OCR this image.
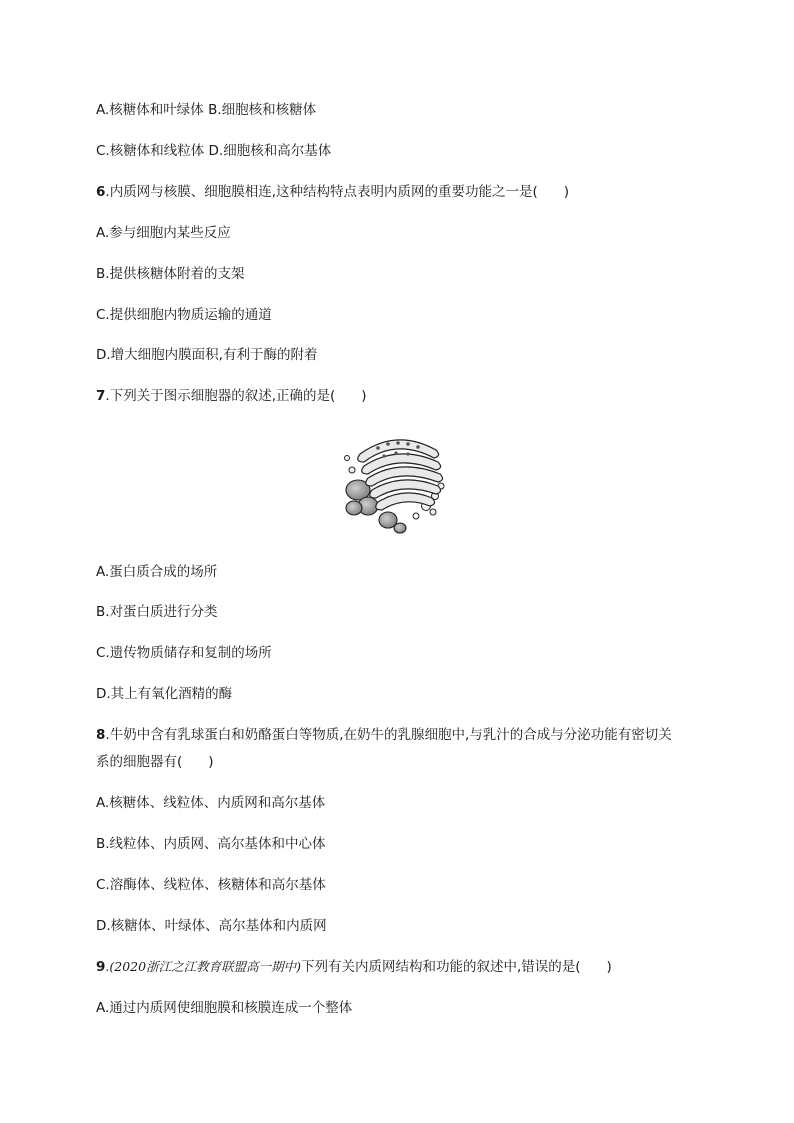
A.核糖体和叶绿体 B.细胞核和核糖体
C.核糖体和线粒体 D.细胞核和高尔基体
6.内质网与核膜、细胞膜相连,这种结构特点表明内质网的重要功能之一是( )
A.参与细胞内某些反应
B.提供核糖体附着的支架
C.提供细胞内物质运输的通道
D.增大细胞内膜面积,有利于酶的附着
7.下列关于图示细胞器的叙述,正确的是( )
A.蛋白质合成的场所
B.对蛋白质进行分类
C.遗传物质储存和复制的场所
D.其上有氧化酒精的酶
8.牛奶中含有乳球蛋白和奶酪蛋白等物质,在奶牛的乳腺细胞中,与乳汁的合成与分泌功能有密切关
系的细胞器有( )
A.核糖体、线粒体、内质网和高尔基体
B.线粒体、内质网、高尔基体和中心体
C.溶酶体、线粒体、核糖体和高尔基体
D.核糖体、叶绿体、高尔基体和内质网
9.(2020浙江之江教育联盟高一期中)下列有关内质网结构和功能的叙述中,错误的是( )
A.通过内质网使细胞膜和核膜连成一个整体
